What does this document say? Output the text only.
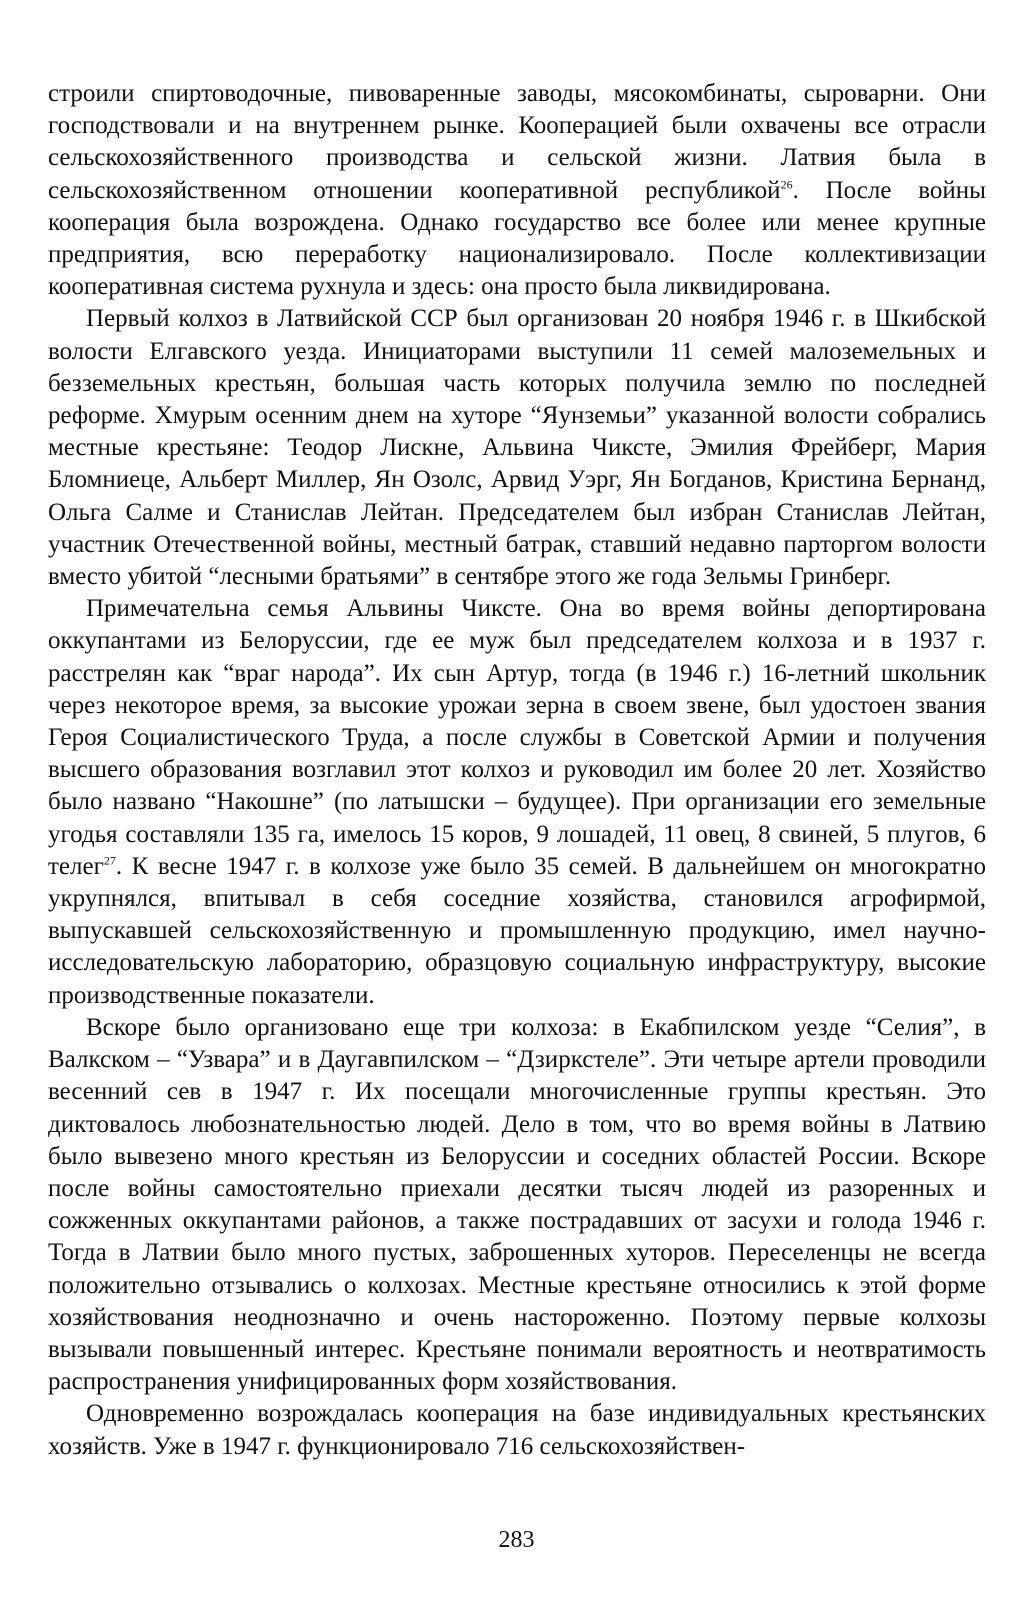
строили спиртоводочные, пивоваренные заводы, мясокомбинаты, сыроварни. Они господствовали и на внутреннем рынке. Кооперацией были охвачены все отрасли сельскохозяйственного производства и сельской жизни. Латвия была в сельскохозяйственном отношении кооперативной республикой$^{26}$. После войны кооперация была возрождена. Однако государство все более или менее крупные предприятия, всю переработку национализировало. После коллективизации кооперативная система рухнула и здесь: она просто была ликвидирована.

Первый колхоз в Латвийской ССР был организован 20 ноября 1946 г. в Шкибской волости Елгавского уезда. Инициаторами выступили 11 семей малоземельных и безземельных крестьян, большая часть которых получила землю по последней реформе. Хмурым осенним днем на хуторе “Яунземьи” указанной волости собрались местные крестьяне: Теодор Лискне, Альвина Чиксте, Эмилия Фрейберг, Мария Бломниеце, Альберт Миллер, Ян Озолс, Арвид Уэрг, Ян Богданов, Кристина Бернанд, Ольга Салме и Станислав Лейтан. Председателем был избран Станислав Лейтан, участник Отечественной войны, местный батрак, ставший недавно парторгом волости вместо убитой “лесными братьями” в сентябре этого же года Зельмы Гринберг.

Примечательна семья Альвины Чиксте. Она во время войны депортирована оккупантами из Белоруссии, где ее муж был председателем колхоза и в 1937 г. расстрелян как “враг народа”. Их сын Артур, тогда (в 1946 г.) 16-летний школьник через некоторое время, за высокие урожаи зерна в своем звене, был удостоен звания Героя Социалистического Труда, а после службы в Советской Армии и получения высшего образования возглавил этот колхоз и руководил им более 20 лет. Хозяйство было названо “Накошне” (по латышски – будущее). При организации его земельные угодья составляли 135 га, имелось 15 коров, 9 лошадей, 11 овец, 8 свиней, 5 плугов, 6 телег$^{27}$. К весне 1947 г. в колхозе уже было 35 семей. В дальнейшем он многократно укрупнялся, впитывал в себя соседние хозяйства, становился агрофирмой, выпускавшей сельскохозяйственную и промышленную продукцию, имел научно-исследовательскую лабораторию, образцовую социальную инфраструктуру, высокие производственные показатели.

Вскоре было организовано еще три колхоза: в Екабпилском уезде “Селия”, в Валкском – “Узвара” и в Даугавпилском – “Дзиркстеле”. Эти четыре артели проводили весенний сев в 1947 г. Их посещали многочисленные группы крестьян. Это диктовалось любознательностью людей. Дело в том, что во время войны в Латвию было вывезено много крестьян из Белоруссии и соседних областей России. Вскоре после войны самостоятельно приехали десятки тысяч людей из разоренных и сожженных оккупантами районов, а также пострадавших от засухи и голода 1946 г. Тогда в Латвии было много пустых, заброшенных хуторов. Переселенцы не всегда положительно отзывались о колхозах. Местные крестьяне относились к этой форме хозяйствования неоднозначно и очень настороженно. Поэтому первые колхозы вызывали повышенный интерес. Крестьяне понимали вероятность и неотвратимость распространения унифицированных форм хозяйствования.

Одновременно возрождалась кооперация на базе индивидуальных крестьянских хозяйств. Уже в 1947 г. функционировало 716 сельскохозяйствен-

283
